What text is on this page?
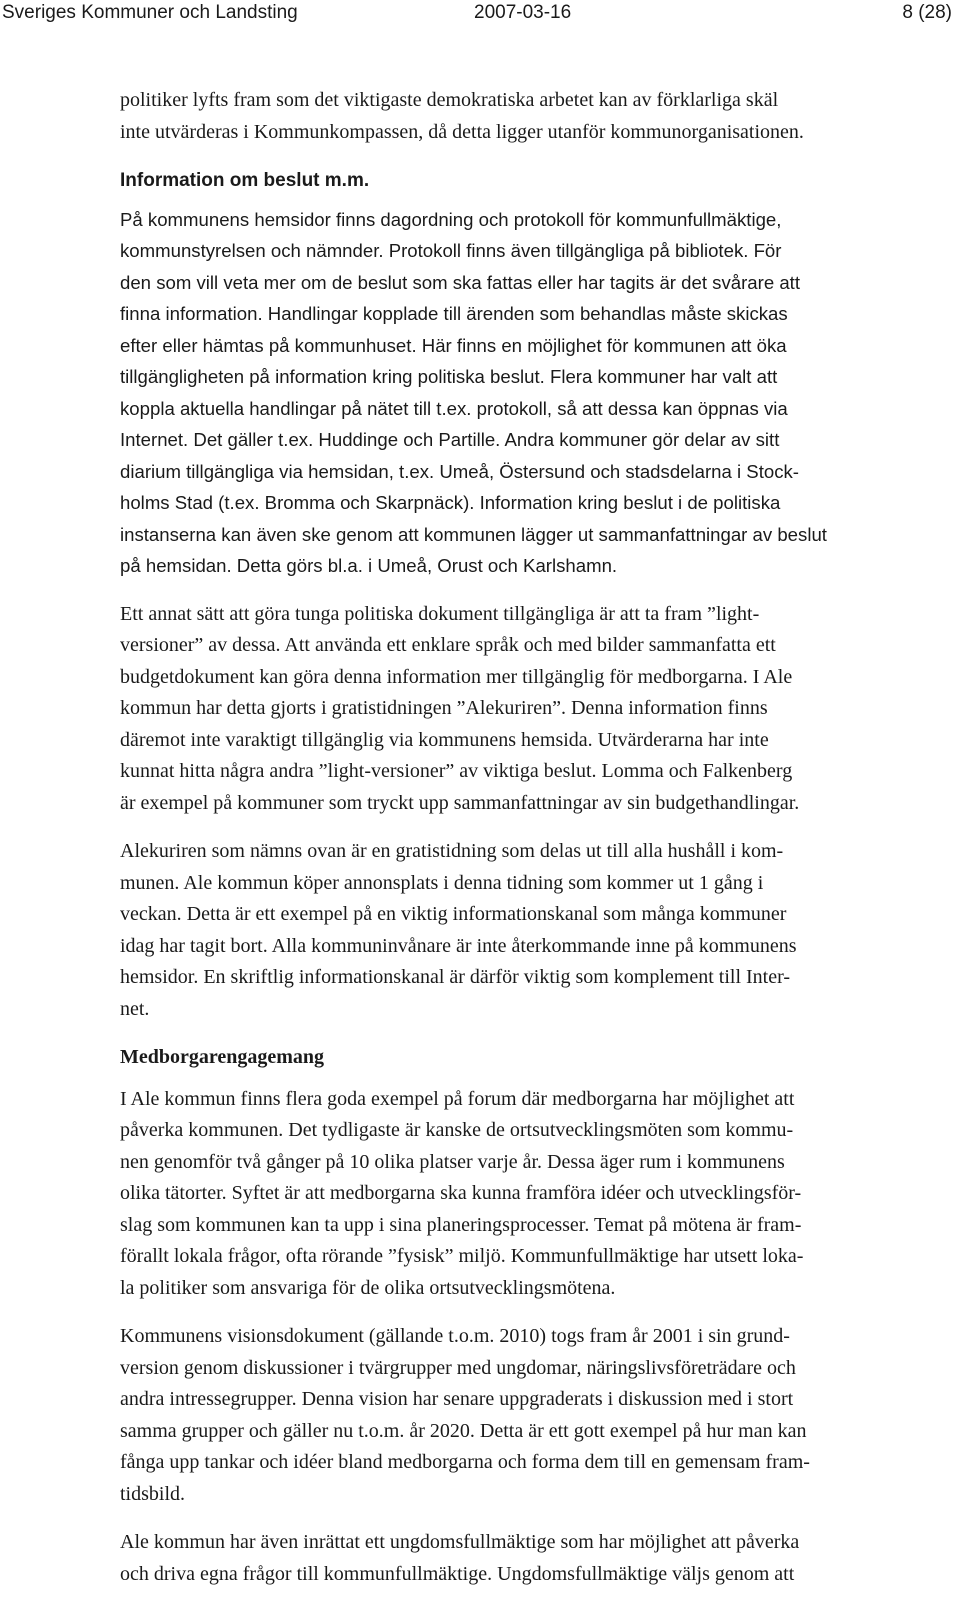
Sveriges Kommuner och Landsting	2007-03-16	8 (28)

politiker lyfts fram som det viktigaste demokratiska arbetet kan av förklarliga skäl
inte utvärderas i Kommunkompassen, då detta ligger utanför kommunorganisationen.

Information om beslut m.m.

På kommunens hemsidor finns dagordning och protokoll för kommunfullmäktige,
kommunstyrelsen och nämnder. Protokoll finns även tillgängliga på bibliotek. För
den som vill veta mer om de beslut som ska fattas eller har tagits är det svårare att
finna information. Handlingar kopplade till ärenden som behandlas måste skickas
efter eller hämtas på kommunhuset. Här finns en möjlighet för kommunen att öka
tillgängligheten på information kring politiska beslut. Flera kommuner har valt att
koppla aktuella handlingar på nätet till t.ex. protokoll, så att dessa kan öppnas via
Internet. Det gäller t.ex. Huddinge och Partille. Andra kommuner gör delar av sitt
diarium tillgängliga via hemsidan, t.ex. Umeå, Östersund och stadsdelarna i Stock-
holms Stad (t.ex. Bromma och Skarpnäck). Information kring beslut i de politiska
instanserna kan även ske genom att kommunen lägger ut sammanfattningar av beslut
på hemsidan. Detta görs bl.a. i Umeå, Orust och Karlshamn.

Ett annat sätt att göra tunga politiska dokument tillgängliga är att ta fram ”light-
versioner” av dessa. Att använda ett enklare språk och med bilder sammanfatta ett
budgetdokument kan göra denna information mer tillgänglig för medborgarna. I Ale
kommun har detta gjorts i gratistidningen ”Alekuriren”. Denna information finns
däremot inte varaktigt tillgänglig via kommunens hemsida. Utvärderarna har inte
kunnat hitta några andra ”light-versioner” av viktiga beslut. Lomma och Falkenberg
är exempel på kommuner som tryckt upp sammanfattningar av sin budgethandlingar.

Alekuriren som nämns ovan är en gratistidning som delas ut till alla hushåll i kom-
munen. Ale kommun köper annonsplats i denna tidning som kommer ut 1 gång i
veckan. Detta är ett exempel på en viktig informationskanal som många kommuner
idag har tagit bort. Alla kommuninvånare är inte återkommande inne på kommunens
hemsidor. En skriftlig informationskanal är därför viktig som komplement till Inter-
net.

Medborgarengagemang

I Ale kommun finns flera goda exempel på forum där medborgarna har möjlighet att
påverka kommunen. Det tydligaste är kanske de ortsutvecklingsmöten som kommu-
nen genomför två gånger på 10 olika platser varje år. Dessa äger rum i kommunens
olika tätorter. Syftet är att medborgarna ska kunna framföra idéer och utvecklingsför-
slag som kommunen kan ta upp i sina planeringsprocesser. Temat på mötena är fram-
förallt lokala frågor, ofta rörande ”fysisk” miljö. Kommunfullmäktige har utsett loka-
la politiker som ansvariga för de olika ortsutvecklingsmötena.

Kommunens visionsdokument (gällande t.o.m. 2010) togs fram år 2001 i sin grund-
version genom diskussioner i tvärgrupper med ungdomar, näringslivsföreträdare och
andra intressegrupper. Denna vision har senare uppgraderats i diskussion med i stort
samma grupper och gäller nu t.o.m. år 2020. Detta är ett gott exempel på hur man kan
fånga upp tankar och idéer bland medborgarna och forma dem till en gemensam fram-
tidsbild.

Ale kommun har även inrättat ett ungdomsfullmäktige som har möjlighet att påverka
och driva egna frågor till kommunfullmäktige. Ungdomsfullmäktige väljs genom att
